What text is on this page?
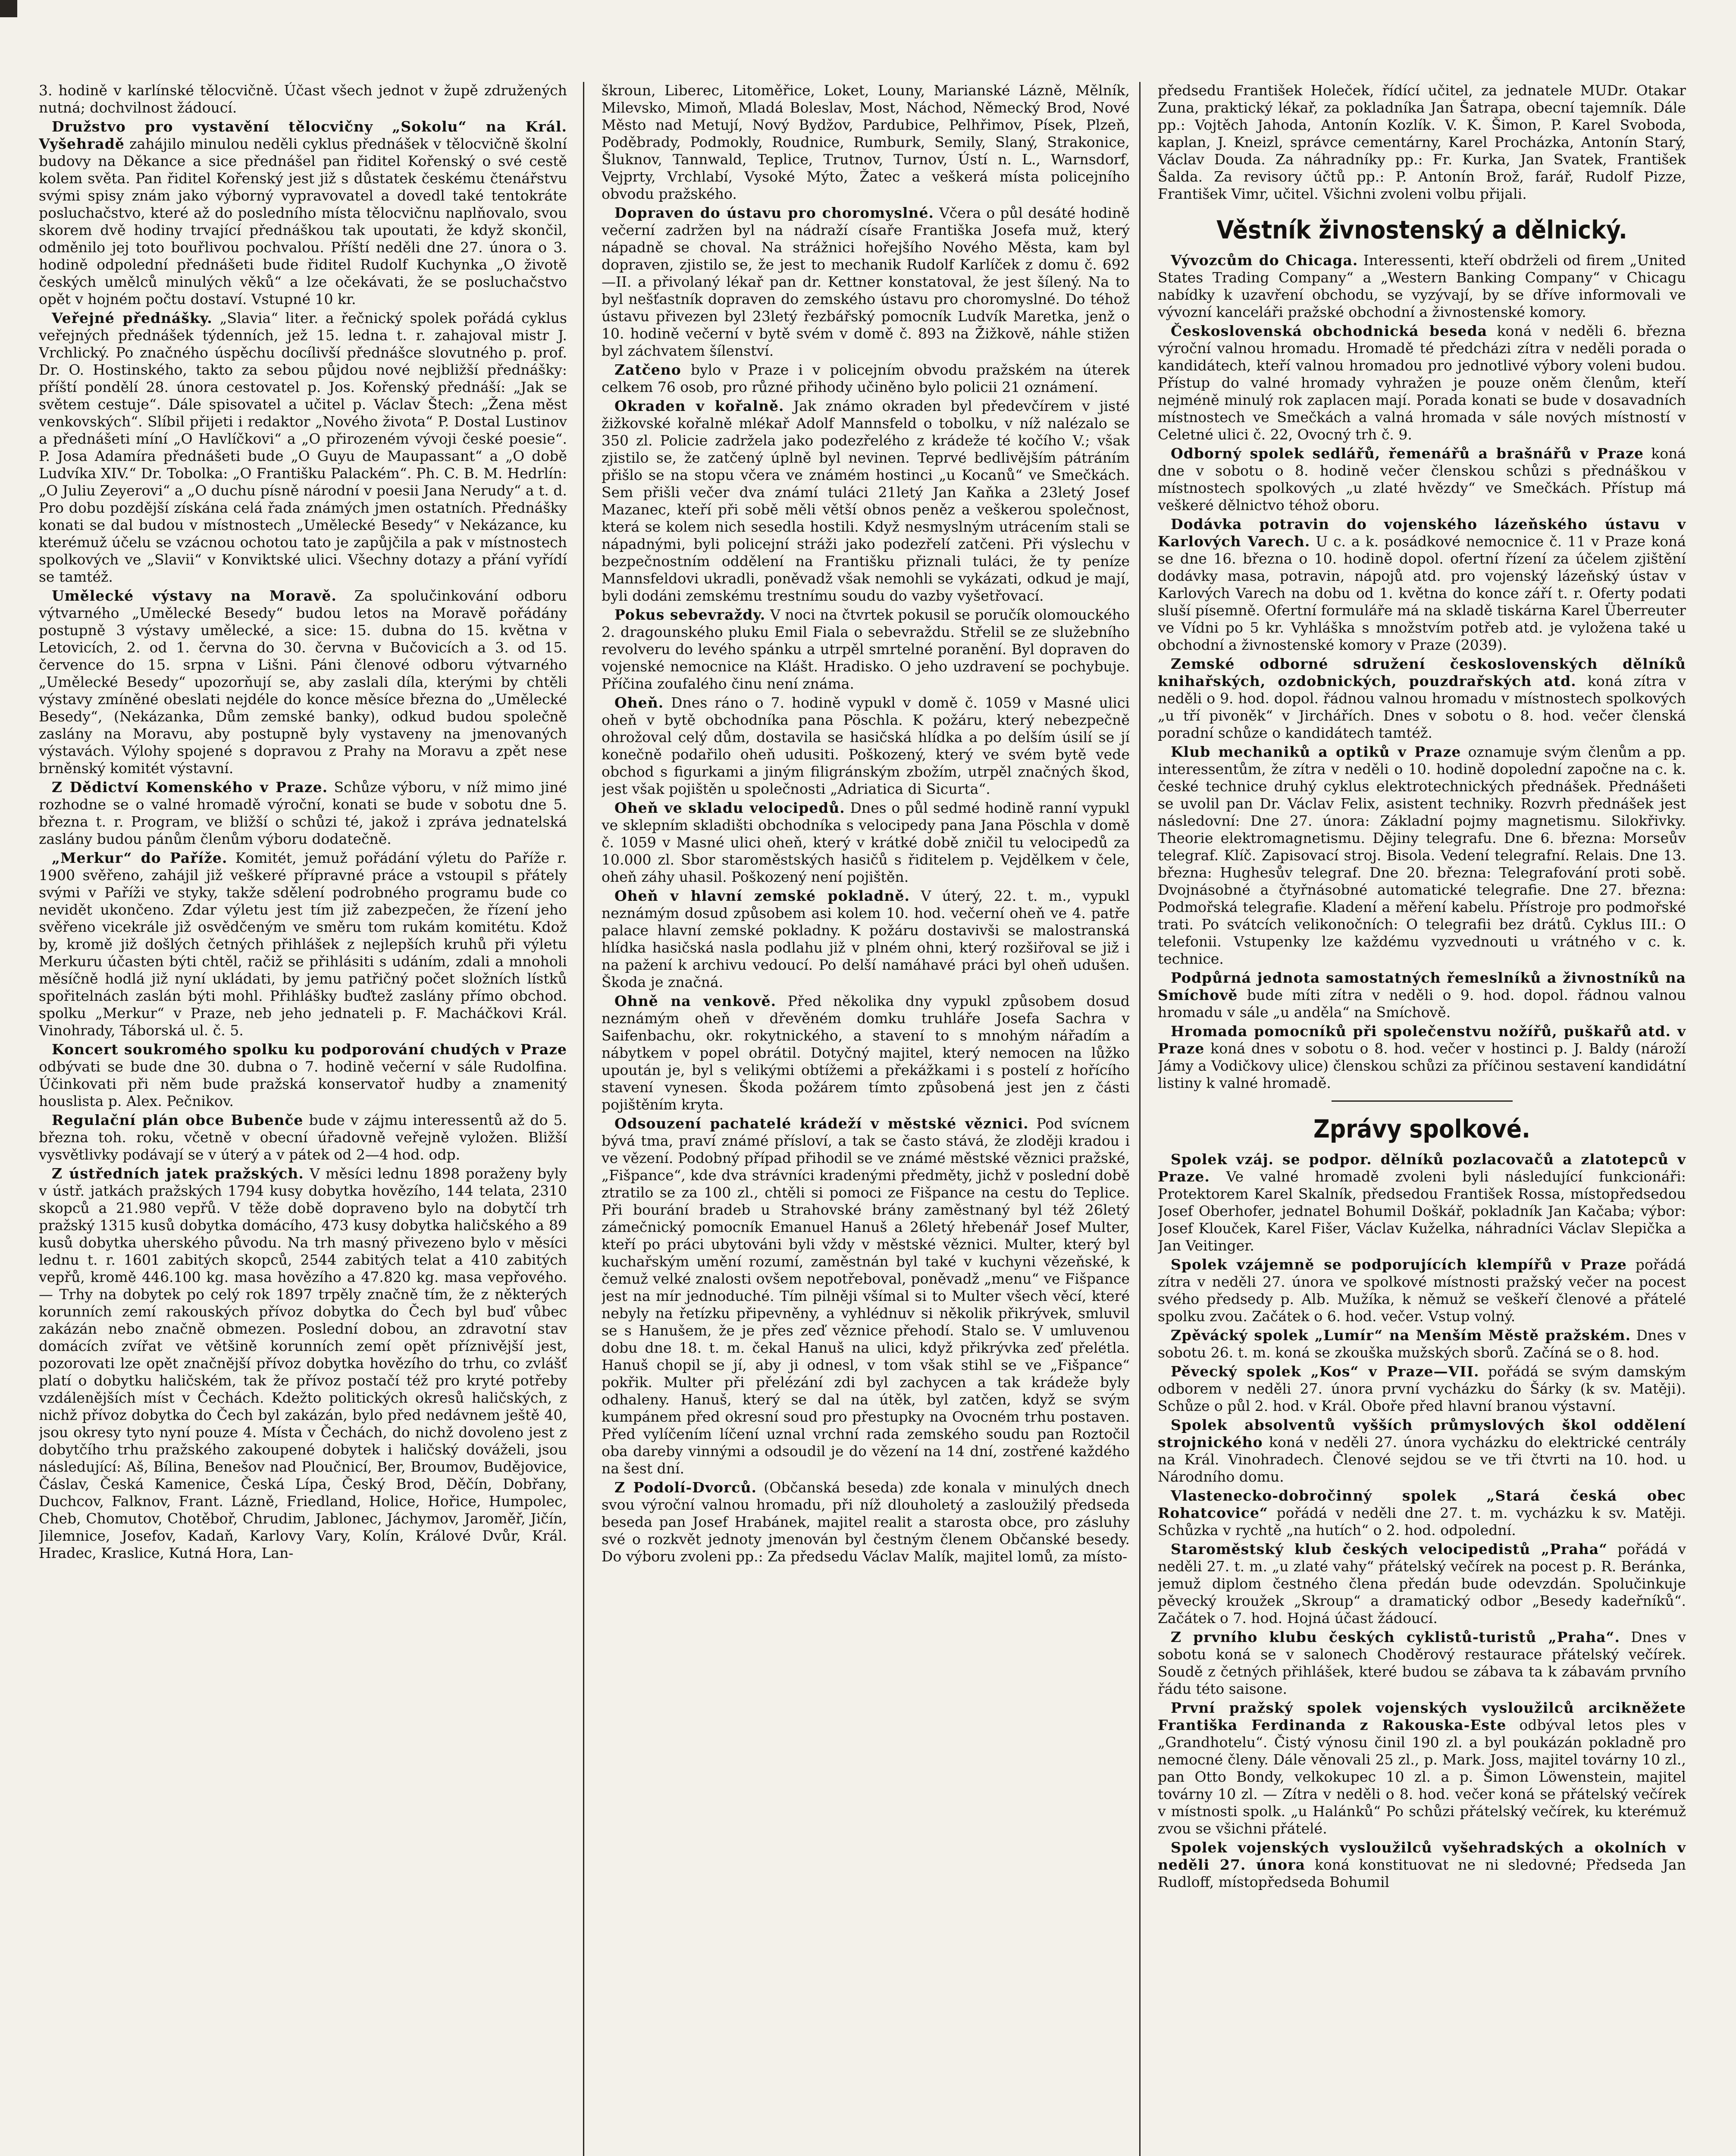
3. hodině v karlínské tělocvičně. Účast všech jednot v župě združených nutná; dochvilnost žádoucí.

Družstvo pro vystavění tělocvičny „Sokolu“ na Král. Vyšehradě zahájilo minulou neděli cyklus přednášek v tělocvičně školní budovy na Děkance a sice přednášel pan řiditel Kořenský o své cestě kolem světa. Pan řiditel Kořenský jest již s důstatek českému čtenářstvu svými spisy znám jako výborný vypravovatel a dovedl také tentokráte posluchačstvo, které až do posledního místa tělocvičnu naplňovalo, svou skorem dvě hodiny trvající přednáškou tak upoutati, že když skončil, odměnilo jej toto bouřlivou pochvalou. Příští neděli dne 27. února o 3. hodině odpolední přednášeti bude řiditel Rudolf Kuchynka „O životě českých umělců minulých věků“ a lze očekávati, že se posluchačstvo opět v hojném počtu dostaví. Vstupné 10 kr.

Veřejné přednášky. „Slavia“ liter. a řečnický spolek pořádá cyklus veřejných přednášek týdenních, jež 15. ledna t. r. zahajoval mistr J. Vrchlický. Po značného úspěchu docílivší přednášce slovutného p. prof. Dr. O. Hostinského, takto za sebou půjdou nové nejbližší přednášky: příští pondělí 28. února cestovatel p. Jos. Kořenský přednáší: „Jak se světem cestuje“. Dále spisovatel a učitel p. Václav Štech: „Žena měst venkovských“. Slíbil přijeti i redaktor „Nového života“ P. Dostal Lustinov a přednášeti míní „O Havlíčkovi“ a „O přirozeném vývoji české poesie“. P. Josa Adamíra přednášeti bude „O Guyu de Maupassant“ a „O době Ludvíka XIV.“ Dr. Tobolka: „O Františku Palackém“. Ph. C. B. M. Hedrlín: „O Juliu Zeyerovi“ a „O duchu písně národní v poesii Jana Nerudy“ a t. d. Pro dobu pozdější získána celá řada známých jmen ostatních. Přednášky konati se dal budou v místnostech „Umělecké Besedy“ v Nekázance, ku kterémuž účelu se vzácnou ochotou tato je zapůjčila a pak v místnostech spolkových ve „Slavii“ v Konviktské ulici. Všechny dotazy a přání vyřídí se tamtéž.

Umělecké výstavy na Moravě. Za spolučinkování odboru výtvarného „Umělecké Besedy“ budou letos na Moravě pořádány postupně 3 výstavy umělecké, a sice: 15. dubna do 15. května v Letovicích, 2. od 1. června do 30. června v Bučovicích a 3. od 15. července do 15. srpna v Lišni. Páni členové odboru výtvarného „Umělecké Besedy“ upozorňují se, aby zaslali díla, kterými by chtěli výstavy zmíněné obeslati nejdéle do konce měsíce března do „Umělecké Besedy“, (Nekázanka, Dům zemské banky), odkud budou společně zaslány na Moravu, aby postupně byly vystaveny na jmenovaných výstavách. Výlohy spojené s dopravou z Prahy na Moravu a zpět nese brněnský komitét výstavní.

Z Dědictví Komenského v Praze. Schůze výboru, v níž mimo jiné rozhodne se o valné hromadě výroční, konati se bude v sobotu dne 5. března t. r. Program, ve bližší o schůzi té, jakož i zpráva jednatelská zaslány budou pánům členům výboru dodatečně.

„Merkur“ do Paříže. Komitét, jemuž pořádání výletu do Paříže r. 1900 svěřeno, zahájil již veškeré přípravné práce a vstoupil s přátely svými v Paříži ve styky, takže sdělení podrobného programu bude co nevidět ukončeno. Zdar výletu jest tím již zabezpečen, že řízení jeho svěřeno vicekrále již osvědčeným ve směru tom rukám komitétu. Kdož by, kromě již došlých četných přihlášek z nejlepších kruhů při výletu Merkuru účasten býti chtěl, račiž se přihlásiti s udáním, zdali a mnoholi měsíčně hodlá již nyní ukládati, by jemu patřičný počet složních lístků spořitelnách zaslán býti mohl. Přihlášky buďtež zaslány přímo obchod. spolku „Merkur“ v Praze, neb jeho jednateli p. F. Macháčkovi Král. Vinohrady, Táborská ul. č. 5.

Koncert soukromého spolku ku podporování chudých v Praze odbývati se bude dne 30. dubna o 7. hodině večerní v sále Rudolfina. Účinkovati při něm bude pražská konservatoř hudby a znamenitý houslista p. Alex. Pečnikov.

Regulační plán obce Bubenče bude v zájmu interessentů až do 5. března toh. roku, včetně v obecní úřadovně veřejně vyložen. Bližší vysvětlivky podávají se v úterý a v pátek od 2—4 hod. odp.

Z ústředních jatek pražských. V měsíci lednu 1898 poraženy byly v ústř. jatkách pražských 1794 kusy dobytka hovězího, 144 telata, 2310 skopců a 21.980 vepřů. V těže době dopraveno bylo na dobytčí trh pražský 1315 kusů dobytka domácího, 473 kusy dobytka haličského a 89 kusů dobytka uherského původu. Na trh masný přivezeno bylo v měsíci lednu t. r. 1601 zabitých skopců, 2544 zabitých telat a 410 zabitých vepřů, kromě 446.100 kg. masa hovězího a 47.820 kg. masa vepřového. — Trhy na dobytek po celý rok 1897 trpěly značně tím, že z některých korunních zemí rakouských přívoz dobytka do Čech byl buď vůbec zakázán nebo značně obmezen. Poslední dobou, an zdravotní stav domácích zvířat ve většině korunních zemí opět příznivější jest, pozorovati lze opět značnější přívoz dobytka hovězího do trhu, co zvlášť platí o dobytku haličském, tak že přívoz postačí též pro kryté potřeby vzdálenějších míst v Čechách. Kdežto politických okresů haličských, z nichž přívoz dobytka do Čech byl zakázán, bylo před nedávnem ještě 40, jsou okresy tyto nyní pouze 4. Místa v Čechách, do nichž dovoleno jest z dobytčího trhu pražského zakoupené dobytek i haličský dováželi, jsou následující: Aš, Bílina, Benešov nad Ploučnicí, Ber, Broumov, Budějovice, Čáslav, Česká Kamenice, Česká Lípa, Český Brod, Děčín, Dobřany, Duchcov, Falknov, Frant. Lázně, Friedland, Holice, Hořice, Humpolec, Cheb, Chomutov, Chotěboř, Chrudim, Jablonec, Jáchymov, Jaroměř, Jičín, Jilemnice, Josefov, Kadaň, Karlovy Vary, Kolín, Králové Dvůr, Král. Hradec, Kraslice, Kutná Hora, Lan-

škroun, Liberec, Litoměřice, Loket, Louny, Marianské Lázně, Mělník, Milevsko, Mimoň, Mladá Boleslav, Most, Náchod, Německý Brod, Nové Město nad Metují, Nový Bydžov, Pardubice, Pelhřimov, Písek, Plzeň, Poděbrady, Podmokly, Roudnice, Rumburk, Semily, Slaný, Strakonice, Šluknov, Tannwald, Teplice, Trutnov, Turnov, Ústí n. L., Warnsdorf, Vejprty, Vrchlabí, Vysoké Mýto, Žatec a veškerá místa policejního obvodu pražského.

Dopraven do ústavu pro choromyslné. Včera o půl desáté hodině večerní zadržen byl na nádraží císaře Františka Josefa muž, který nápadně se choval. Na strážnici hořejšího Nového Města, kam byl dopraven, zjistilo se, že jest to mechanik Rudolf Karlíček z domu č. 692—II. a přivolaný lékař pan dr. Kettner konstatoval, že jest šílený. Na to byl nešťastník dopraven do zemského ústavu pro choromyslné. Do téhož ústavu přivezen byl 23letý řezbářský pomocník Ludvík Maretka, jenž o 10. hodině večerní v bytě svém v domě č. 893 na Žižkově, náhle stižen byl záchvatem šílenství.

Zatčeno bylo v Praze i v policejním obvodu pražském na úterek celkem 76 osob, pro různé přihody učiněno bylo policii 21 oznámení.

Okraden v kořalně. Jak známo okraden byl předevčírem v jisté žižkovské kořalně mlékař Adolf Mannsfeld o tobolku, v níž nalézalo se 350 zl. Policie zadržela jako podezřelého z krádeže té kočího V.; však zjistilo se, že zatčený úplně byl nevinen. Teprvé bedlivějším pátráním přišlo se na stopu včera ve známém hostinci „u Kocanů“ ve Smečkách. Sem přišli večer dva známí tuláci 21letý Jan Kaňka a 23letý Josef Mazanec, kteří při sobě měli větší obnos peněz a veškerou společnost, která se kolem nich sesedla hostili. Když nesmyslným utrácením stali se nápadnými, byli policejní stráži jako podezřelí zatčeni. Při výslechu v bezpečnostním oddělení na Františku přiznali tuláci, že ty peníze Mannsfeldovi ukradli, poněvadž však nemohli se vykázati, odkud je mají, byli dodáni zemskému trestnímu soudu do vazby vyšetřovací.

Pokus sebevraždy. V noci na čtvrtek pokusil se poručík olomouckého 2. dragounského pluku Emil Fiala o sebevraždu. Střelil se ze služebního revolveru do levého spánku a utrpěl smrtelné poranění. Byl dopraven do vojenské nemocnice na Klášt. Hradisko. O jeho uzdravení se pochybuje. Příčina zoufalého činu není známa.

Oheň. Dnes ráno o 7. hodině vypukl v domě č. 1059 v Masné ulici oheň v bytě obchodníka pana Pöschla. K požáru, který nebezpečně ohrožoval celý dům, dostavila se hasičská hlídka a po delším úsilí se jí konečně podařilo oheň udusiti. Poškozený, který ve svém bytě vede obchod s figurkami a jiným filigránským zbožím, utrpěl značných škod, jest však pojištěn u společnosti „Adriatica di Sicurta“.

Oheň ve skladu velocipedů. Dnes o půl sedmé hodině ranní vypukl ve sklepním skladišti obchodníka s velocipedy pana Jana Pöschla v domě č. 1059 v Masné ulici oheň, který v krátké době zničil tu velocipedů za 10.000 zl. Sbor staroměstských hasičů s řiditelem p. Vejdělkem v čele, oheň záhy uhasil. Poškozený není pojištěn.

Oheň v hlavní zemské pokladně. V úterý, 22. t. m., vypukl neznámým dosud způsobem asi kolem 10. hod. večerní oheň ve 4. patře palace hlavní zemské pokladny. K požáru dostavivši se malostranská hlídka hasičská nasla podlahu již v plném ohni, který rozšiřoval se již i na pažení k archivu vedoucí. Po delší namáhavé práci byl oheň udušen. Škoda je značná.

Ohně na venkově. Před několika dny vypukl způsobem dosud neznámým oheň v dřevěném domku truhláře Josefa Sachra v Saifenbachu, okr. rokytnického, a stavení to s mnohým nářadím a nábytkem v popel obrátil. Dotyčný majitel, který nemocen na lůžko upoután je, byl s velikými obtížemi a překážkami i s postelí z hořícího stavení vynesen. Škoda požárem tímto způsobená jest jen z části pojištěním kryta.

Odsouzení pachatelé krádeží v městské věznici. Pod svícnem bývá tma, praví známé přísloví, a tak se často stává, že zloději kradou i ve vězení. Podobný případ přihodil se ve známé městské věznici pražské, „Fišpance“, kde dva strávníci kradenými předměty, jichž v poslední době ztratilo se za 100 zl., chtěli si pomoci ze Fišpance na cestu do Teplice. Při bourání bradeb u Strahovské brány zaměstnaný byl též 26letý zámečnický pomocník Emanuel Hanuš a 26letý hřebenář Josef Multer, kteří po práci ubytováni byli vždy v městské věznici. Multer, který byl kuchařským umění rozumí, zaměstnán byl také v kuchyni vězeňské, k čemuž velké znalosti ovšem nepotřeboval, poněvadž „menu“ ve Fišpance jest na mír jednoduché. Tím pilněji všímal si to Multer všech věcí, které nebyly na řetízku připevněny, a vyhlédnuv si několik přikrývek, smluvil se s Hanušem, že je přes zeď věznice přehodí. Stalo se. V umluvenou dobu dne 18. t. m. čekal Hanuš na ulici, když přikrývka zeď přelétla. Hanuš chopil se jí, aby ji odnesl, v tom však stihl se ve „Fišpance“ pokřik. Multer při přelézání zdi byl zachycen a tak krádeže byly odhaleny. Hanuš, který se dal na útěk, byl zatčen, když se svým kumpánem před okresní soud pro přestupky na Ovocném trhu postaven. Před vylíčením líčení uznal vrchní rada zemského soudu pan Roztočil oba dareby vinnými a odsoudil je do vězení na 14 dní, zostřené každého na šest dní.

Z Podolí-Dvorců. (Občanská beseda) zde konala v minulých dnech svou výroční valnou hromadu, při níž dlouholetý a zasloužilý předseda beseda pan Josef Hrabánek, majitel realit a starosta obce, pro zásluhy své o rozkvět jednoty jmenován byl čestným členem Občanské besedy. Do výboru zvoleni pp.: Za předsedu Václav Malík, majitel lomů, za místo-

předsedu František Holeček, řídící učitel, za jednatele MUDr. Otakar Zuna, praktický lékař, za pokladníka Jan Šatrapa, obecní tajemník. Dále pp.: Vojtěch Jahoda, Antonín Kozlík. V. K. Šimon, P. Karel Svoboda, kaplan, J. Kneizl, správce cementárny, Karel Procházka, Antonín Starý, Václav Douda. Za náhradníky pp.: Fr. Kurka, Jan Svatek, František Šalda. Za revisory účtů pp.: P. Antonín Brož, farář, Rudolf Pizze, František Vimr, učitel. Všichni zvoleni volbu přijali.

Věstník živnostenský a dělnický.

Vývozcům do Chicaga. Interessenti, kteří obdrželi od firem „United States Trading Company“ a „Western Banking Company“ v Chicagu nabídky k uzavření obchodu, se vyzývají, by se dříve informovali ve vývozní kanceláři pražské obchodní a živnostenské komory.

Československá obchodnická beseda koná v neděli 6. března výroční valnou hromadu. Hromadě té předcházi zítra v neděli porada o kandidátech, kteří valnou hromadou pro jednotlivé výbory voleni budou. Přístup do valné hromady vyhražen je pouze oněm členům, kteří nejméně minulý rok zaplacen mají. Porada konati se bude v dosavadních místnostech ve Smečkách a valná hromada v sále nových místností v Celetné ulici č. 22, Ovocný trh č. 9.

Odborný spolek sedlářů, řemenářů a brašnářů v Praze koná dne v sobotu o 8. hodině večer členskou schůzi s přednáškou v místnostech spolkových „u zlaté hvězdy“ ve Smečkách. Přístup má veškeré dělnictvo téhož oboru.

Dodávka potravin do vojenského lázeňského ústavu v Karlových Varech. U c. a k. posádkové nemocnice č. 11 v Praze koná se dne 16. března o 10. hodině dopol. ofertní řízení za účelem zjištění dodávky masa, potravin, nápojů atd. pro vojenský lázeňský ústav v Karlových Varech na dobu od 1. května do konce září t. r. Oferty podati sluší písemně. Ofertní formuláře má na skladě tiskárna Karel Überreuter ve Vídni po 5 kr. Vyhláška s množstvím potřeb atd. je vyložena také u obchodní a živnostenské komory v Praze (2039).

Zemské odborné sdružení československých dělníků knihařských, ozdobnických, pouzdrařských atd. koná zítra v neděli o 9. hod. dopol. řádnou valnou hromadu v místnostech spolkových „u tří pivoněk“ v Jirchářích. Dnes v sobotu o 8. hod. večer členská poradní schůze o kandidátech tamtéž.

Klub mechaniků a optiků v Praze oznamuje svým členům a pp. interessentům, že zítra v neděli o 10. hodině dopolední započne na c. k. české technice druhý cyklus elektrotechnických přednášek. Přednášeti se uvolil pan Dr. Václav Felix, asistent techniky. Rozvrh přednášek jest následovní: Dne 27. února: Základní pojmy magnetismu. Silokřivky. Theorie elektromagnetismu. Dějiny telegrafu. Dne 6. března: Morseův telegraf. Klíč. Zapisovací stroj. Bisola. Vedení telegrafní. Relais. Dne 13. března: Hughesův telegraf. Dne 20. března: Telegrafování proti sobě. Dvojnásobné a čtyřnásobné automatické telegrafie. Dne 27. března: Podmořská telegrafie. Kladení a měření kabelu. Přístroje pro podmořské trati. Po svátcích velikonočních: O telegrafii bez drátů. Cyklus III.: O telefonii. Vstupenky lze každému vyzvednouti u vrátného v c. k. technice.

Podpůrná jednota samostatných řemeslníků a živnostníků na Smíchově bude míti zítra v neděli o 9. hod. dopol. řádnou valnou hromadu v sále „u anděla“ na Smíchově.

Hromada pomocníků při společenstvu nožířů, puškařů atd. v Praze koná dnes v sobotu o 8. hod. večer v hostinci p. J. Baldy (nároží Jámy a Vodičkovy ulice) členskou schůzi za příčinou sestavení kandidátní listiny k valné hromadě.

Zprávy spolkové.

Spolek vzáj. se podpor. dělníků pozlacovačů a zlatotepců v Praze. Ve valné hromadě zvoleni byli následující funkcionáři: Protektorem Karel Skalník, předsedou František Rossa, místopředsedou Josef Oberhofer, jednatel Bohumil Doškář, pokladník Jan Kačaba; výbor: Josef Klouček, Karel Fišer, Václav Kuželka, náhradníci Václav Slepička a Jan Veitinger.

Spolek vzájemně se podporujících klempířů v Praze pořádá zítra v neděli 27. února ve spolkové místnosti pražský večer na pocest svého předsedy p. Alb. Mužíka, k němuž se veškeří členové a přátelé spolku zvou. Začátek o 6. hod. večer. Vstup volný.

Zpěvácký spolek „Lumír“ na Menším Městě pražském. Dnes v sobotu 26. t. m. koná se zkouška mužských sborů. Začíná se o 8. hod.

Pěvecký spolek „Kos“ v Praze—VII. pořádá se svým damským odborem v neděli 27. února první vycházku do Šárky (k sv. Matěji). Schůze o půl 2. hod. v Král. Oboře před hlavní branou výstavní.

Spolek absolventů vyšších průmyslových škol oddělení strojnického koná v neděli 27. února vycházku do elektrické centrály na Král. Vinohradech. Členové sejdou se ve tři čtvrti na 10. hod. u Národního domu.

Vlastenecko-dobročinný spolek „Stará česká obec Rohatcovice“ pořádá v neděli dne 27. t. m. vycházku k sv. Matěji. Schůzka v rychtě „na hutích“ o 2. hod. odpolední.

Staroměstský klub českých velocipedistů „Praha“ pořádá v neděli 27. t. m. „u zlaté vahy“ přátelský večírek na pocest p. R. Beránka, jemuž diplom čestného člena předán bude odevzdán. Spolučinkuje pěvecký kroužek „Skroup“ a dramatický odbor „Besedy kadeřníků“. Začátek o 7. hod. Hojná účast žádoucí.

Z prvního klubu českých cyklistů-turistů „Praha“. Dnes v sobotu koná se v salonech Choděrový restaurace přátelský večírek. Soudě z četných přihlášek, které budou se zábava ta k zábavám prvního řádu této saisone.

První pražský spolek vojenských vysloužilců arcikněžete Františka Ferdinanda z Rakouska-Este odbýval letos ples v „Grandhotelu“. Čistý výnosu činil 190 zl. a byl poukázán pokladně pro nemocné členy. Dále věnovali 25 zl., p. Mark. Joss, majitel továrny 10 zl., pan Otto Bondy, velkokupec 10 zl. a p. Šimon Löwenstein, majitel továrny 10 zl. — Zítra v neděli o 8. hod. večer koná se přátelský večírek v místnosti spolk. „u Halánků“ Po schůzi přátelský večírek, ku kterémuž zvou se všichni přátelé.

Spolek vojenských vysloužilců vyšehradských a okolních v neděli 27. února koná konstituovat ne ni sledovné; Předseda Jan Rudloff, místopředseda Bohumil
